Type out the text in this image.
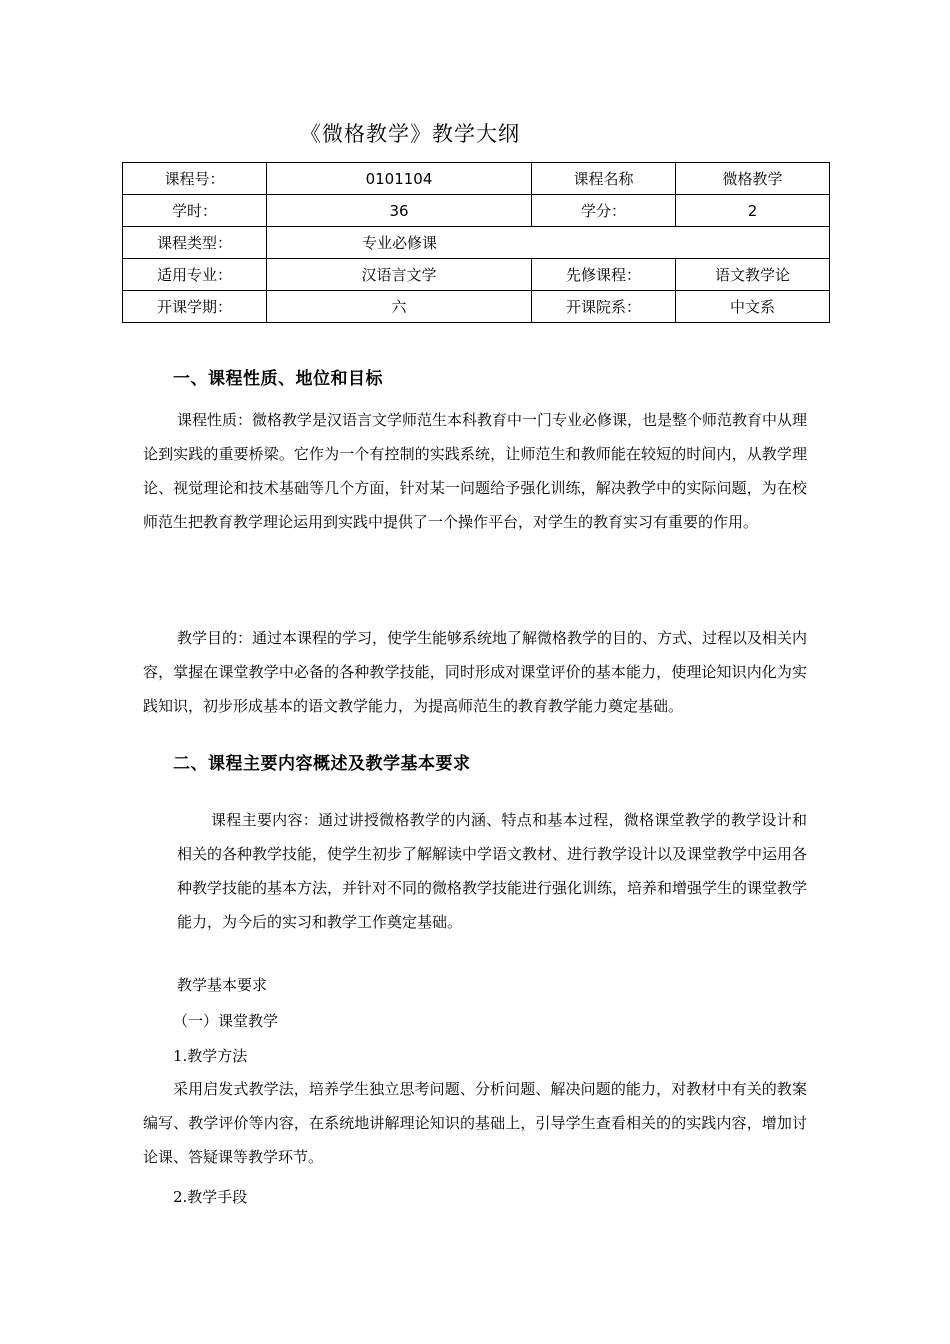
《微格教学》教学大纲
课程号：	0101104	课程名称	微格教学
学时：	36	学分：	2
课程类型：	专业必修课		
适用专业：	汉语言文学	先修课程：	语文教学论
开课学期：	六	开课院系：	中文系
一、课程性质、地位和目标
课程性质：微格教学是汉语言文学师范生本科教育中一门专业必修课，也是整个师范教育中从理论到实践的重要桥梁。它作为一个有控制的实践系统，让师范生和教师能在较短的时间内，从教学理论、视觉理论和技术基础等几个方面，针对某一问题给予强化训练，解决教学中的实际问题，为在校师范生把教育教学理论运用到实践中提供了一个操作平台，对学生的教育实习有重要的作用。
教学目的：通过本课程的学习，使学生能够系统地了解微格教学的目的、方式、过程以及相关内容，掌握在课堂教学中必备的各种教学技能，同时形成对课堂评价的基本能力，使理论知识内化为实践知识，初步形成基本的语文教学能力，为提高师范生的教育教学能力奠定基础。
二、课程主要内容概述及教学基本要求
课程主要内容：通过讲授微格教学的内涵、特点和基本过程，微格课堂教学的教学设计和相关的各种教学技能，使学生初步了解解读中学语文教材、进行教学设计以及课堂教学中运用各种教学技能的基本方法，并针对不同的微格教学技能进行强化训练，培养和增强学生的课堂教学能力，为今后的实习和教学工作奠定基础。
教学基本要求
（一）课堂教学
1.教学方法
采用启发式教学法，培养学生独立思考问题、分析问题、解决问题的能力，对教材中有关的教案编写、教学评价等内容，在系统地讲解理论知识的基础上，引导学生查看相关的的实践内容，增加讨论课、答疑课等教学环节。
2.教学手段
